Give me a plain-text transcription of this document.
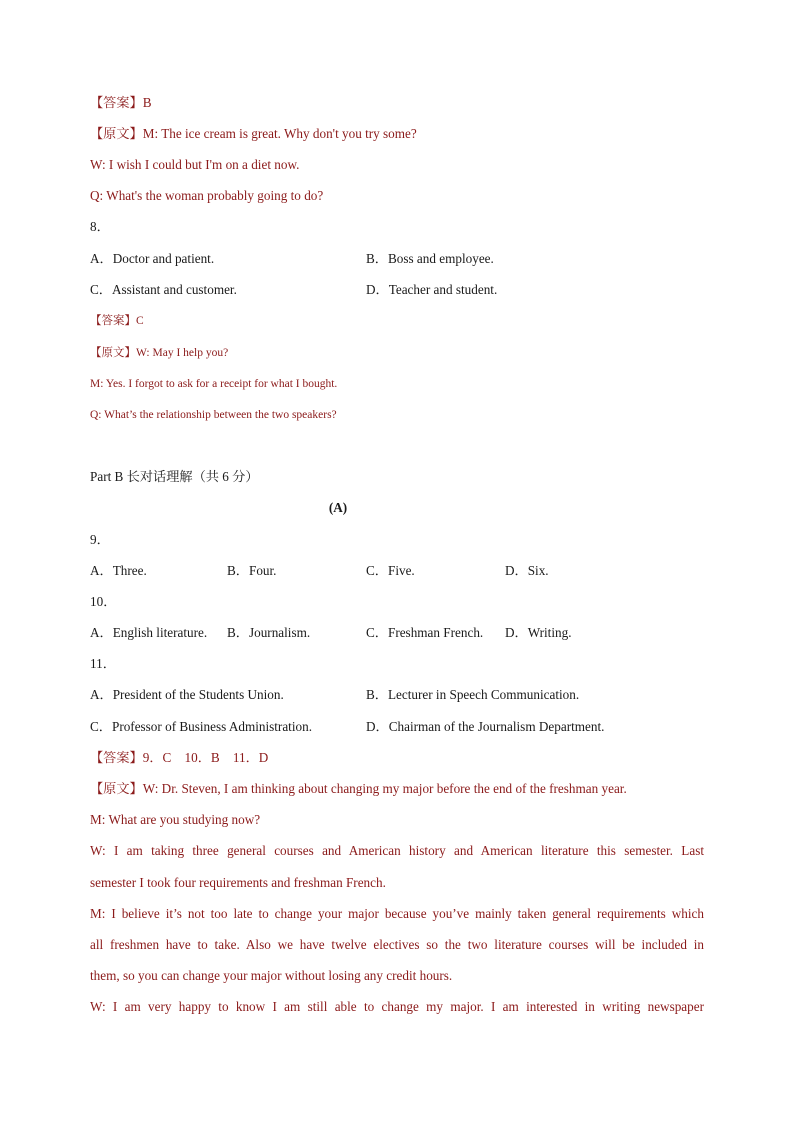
【答案】B
【原文】M: The ice cream is great. Why don't you try some?
W: I wish I could but I'm on a diet now.
Q: What's the woman probably going to do?
8．
A．Doctor and patient.	B．Boss and employee.
C．Assistant and customer.	D．Teacher and student.
【答案】C
【原文】W: May I help you?
M: Yes. I forgot to ask for a receipt for what I bought.
Q: What’s the relationship between the two speakers?
Part B 长对话理解（共 6 分）
(A)
9．
A．Three.	B．Four.	C．Five.	D．Six.
10．
A．English literature. B．Journalism.	C．Freshman French. D．Writing.
11．
A．President of the Students Union.	B．Lecturer in Speech Communication.
C．Professor of Business Administration.	D．Chairman of the Journalism Department.
【答案】9．C　10．B　11．D
【原文】W: Dr. Steven, I am thinking about changing my major before the end of the freshman year.
M: What are you studying now?
W: I am taking three general courses and American history and American literature this semester. Last
semester I took four requirements and freshman French.
M: I believe it’s not too late to change your major because you’ve mainly taken general requirements which
all freshmen have to take. Also we have twelve electives so the two literature courses will be included in
them, so you can change your major without losing any credit hours.
W: I am very happy to know I am still able to change my major. I am interested in writing newspaper
